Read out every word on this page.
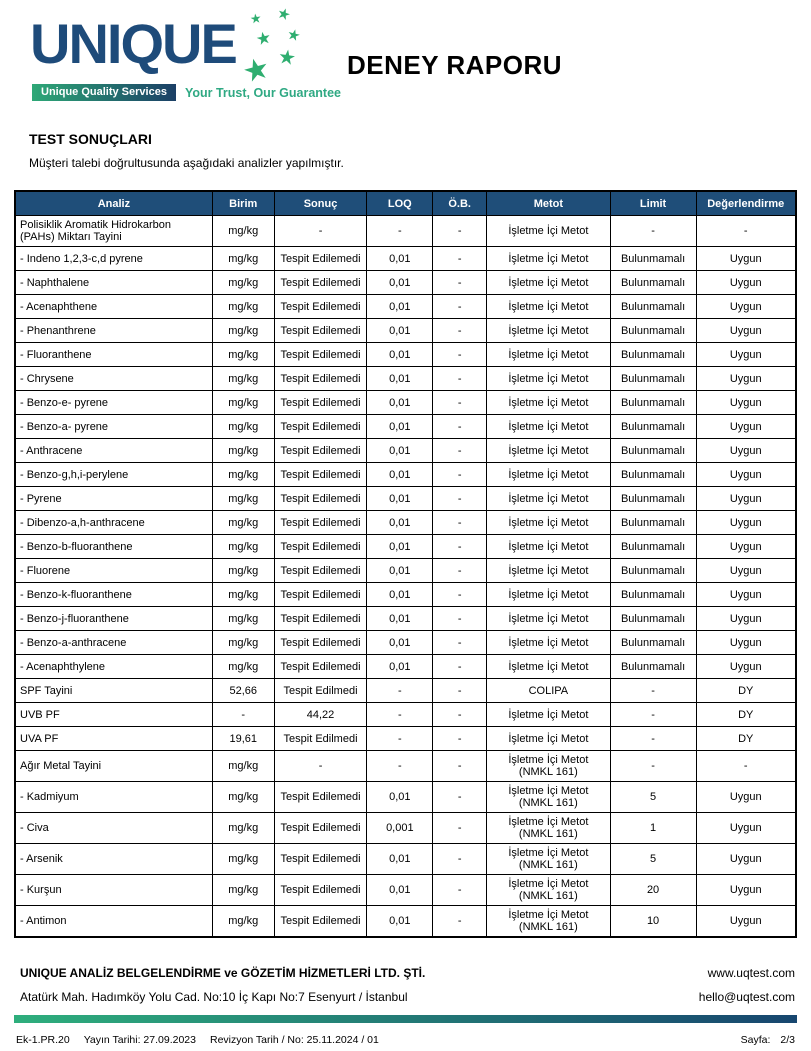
UNIQUE ★ ★
★ ★
★
★
Unique Quality Services	Your Trust, Our Guarantee
DENEY RAPORU
TEST SONUÇLARI
Müşteri talebi doğrultusunda aşağıdaki analizler yapılmıştır.
Analiz	Birim	Sonuç	LOQ	Ö.B.	Metot	Limit	Değerlendirme
Polisiklik Aromatik Hidrokarbon (PAHs) Miktarı Tayini	mg/kg	-	-	-	İşletme İçi Metot	-	-
- Indeno 1,2,3-c,d pyrene	mg/kg	Tespit Edilemedi	0,01	-	İşletme İçi Metot	Bulunmamalı	Uygun
- Naphthalene	mg/kg	Tespit Edilemedi	0,01	-	İşletme İçi Metot	Bulunmamalı	Uygun
- Acenaphthene	mg/kg	Tespit Edilemedi	0,01	-	İşletme İçi Metot	Bulunmamalı	Uygun
- Phenanthrene	mg/kg	Tespit Edilemedi	0,01	-	İşletme İçi Metot	Bulunmamalı	Uygun
- Fluoranthene	mg/kg	Tespit Edilemedi	0,01	-	İşletme İçi Metot	Bulunmamalı	Uygun
- Chrysene	mg/kg	Tespit Edilemedi	0,01	-	İşletme İçi Metot	Bulunmamalı	Uygun
- Benzo-e- pyrene	mg/kg	Tespit Edilemedi	0,01	-	İşletme İçi Metot	Bulunmamalı	Uygun
- Benzo-a- pyrene	mg/kg	Tespit Edilemedi	0,01	-	İşletme İçi Metot	Bulunmamalı	Uygun
- Anthracene	mg/kg	Tespit Edilemedi	0,01	-	İşletme İçi Metot	Bulunmamalı	Uygun
- Benzo-g,h,i-perylene	mg/kg	Tespit Edilemedi	0,01	-	İşletme İçi Metot	Bulunmamalı	Uygun
- Pyrene	mg/kg	Tespit Edilemedi	0,01	-	İşletme İçi Metot	Bulunmamalı	Uygun
- Dibenzo-a,h-anthracene	mg/kg	Tespit Edilemedi	0,01	-	İşletme İçi Metot	Bulunmamalı	Uygun
- Benzo-b-fluoranthene	mg/kg	Tespit Edilemedi	0,01	-	İşletme İçi Metot	Bulunmamalı	Uygun
- Fluorene	mg/kg	Tespit Edilemedi	0,01	-	İşletme İçi Metot	Bulunmamalı	Uygun
- Benzo-k-fluoranthene	mg/kg	Tespit Edilemedi	0,01	-	İşletme İçi Metot	Bulunmamalı	Uygun
- Benzo-j-fluoranthene	mg/kg	Tespit Edilemedi	0,01	-	İşletme İçi Metot	Bulunmamalı	Uygun
- Benzo-a-anthracene	mg/kg	Tespit Edilemedi	0,01	-	İşletme İçi Metot	Bulunmamalı	Uygun
- Acenaphthylene	mg/kg	Tespit Edilemedi	0,01	-	İşletme İçi Metot	Bulunmamalı	Uygun
SPF Tayini	52,66	Tespit Edilmedi	-	-	COLIPA	-	DY
UVB PF	-	44,22	-	-	İşletme İçi Metot	-	DY
UVA PF	19,61	Tespit Edilmedi	-	-	İşletme İçi Metot	-	DY
Ağır Metal Tayini	mg/kg	-	-	-	İşletme İçi Metot (NMKL 161)	-	-
- Kadmiyum	mg/kg	Tespit Edilemedi	0,01	-	İşletme İçi Metot (NMKL 161)	5	Uygun
- Civa	mg/kg	Tespit Edilemedi	0,001	-	İşletme İçi Metot (NMKL 161)	1	Uygun
- Arsenik	mg/kg	Tespit Edilemedi	0,01	-	İşletme İçi Metot (NMKL 161)	5	Uygun
- Kurşun	mg/kg	Tespit Edilemedi	0,01	-	İşletme İçi Metot (NMKL 161)	20	Uygun
- Antimon	mg/kg	Tespit Edilemedi	0,01	-	İşletme İçi Metot (NMKL 161)	10	Uygun
UNIQUE ANALİZ BELGELENDİRME ve GÖZETİM HİZMETLERİ LTD. ŞTİ.
Atatürk Mah. Hadımköy Yolu Cad. No:10 İç Kapı No:7 Esenyurt / İstanbul
www.uqtest.com
hello@uqtest.com
Ek-1.PR.20 Yayın Tarihi: 27.09.2023 Revizyon Tarih / No: 25.11.2024 / 01	Sayfa: 2/3
